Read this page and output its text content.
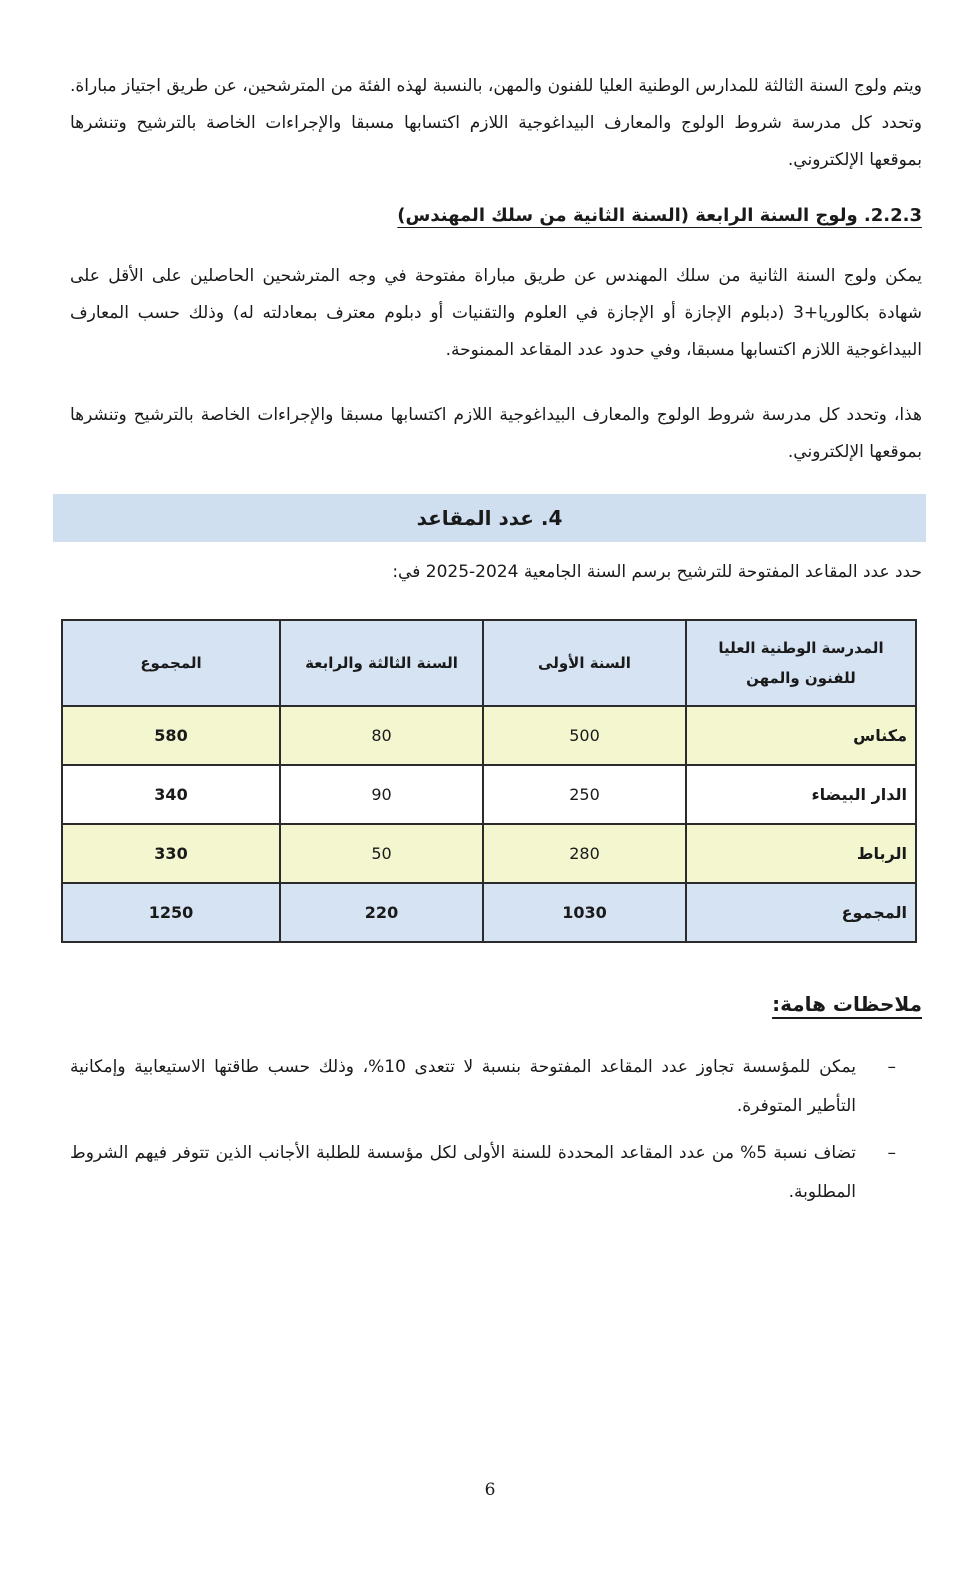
ويتم ولوج السنة الثالثة للمدارس الوطنية العليا للفنون والمهن، بالنسبة لهذه الفئة من المترشحين، عن طريق اجتياز مباراة. وتحدد كل مدرسة شروط الولوج والمعارف البيداغوجية اللازم اكتسابها مسبقا والإجراءات الخاصة بالترشيح وتنشرها بموقعها الإلكتروني.

2.2.3. ولوج السنة الرابعة (السنة الثانية من سلك المهندس)

يمكن ولوج السنة الثانية من سلك المهندس عن طريق مباراة مفتوحة في وجه المترشحين الحاصلين على الأقل على شهادة بكالوريا+3 (دبلوم الإجازة أو الإجازة في العلوم والتقنيات أو دبلوم معترف بمعادلته له) وذلك حسب المعارف البيداغوجية اللازم اكتسابها مسبقا، وفي حدود عدد المقاعد الممنوحة.

هذا، وتحدد كل مدرسة شروط الولوج والمعارف البيداغوجية اللازم اكتسابها مسبقا والإجراءات الخاصة بالترشيح وتنشرها بموقعها الإلكتروني.

4. عدد المقاعد

حدد عدد المقاعد المفتوحة للترشيح برسم السنة الجامعية 2024-2025 في:

المدرسة الوطنية العليا للفنون والمهن	السنة الأولى	السنة الثالثة والرابعة	المجموع
مكناس	500	80	580
الدار البيضاء	250	90	340
الرباط	280	50	330
المجموع	1030	220	1250
ملاحظات هامة:
–
يمكن للمؤسسة تجاوز عدد المقاعد المفتوحة بنسبة لا تتعدى 10%، وذلك حسب طاقتها الاستيعابية وإمكانية التأطير المتوفرة.
–
تضاف نسبة 5% من عدد المقاعد المحددة للسنة الأولى لكل مؤسسة للطلبة الأجانب الذين تتوفر فيهم الشروط المطلوبة.

6
